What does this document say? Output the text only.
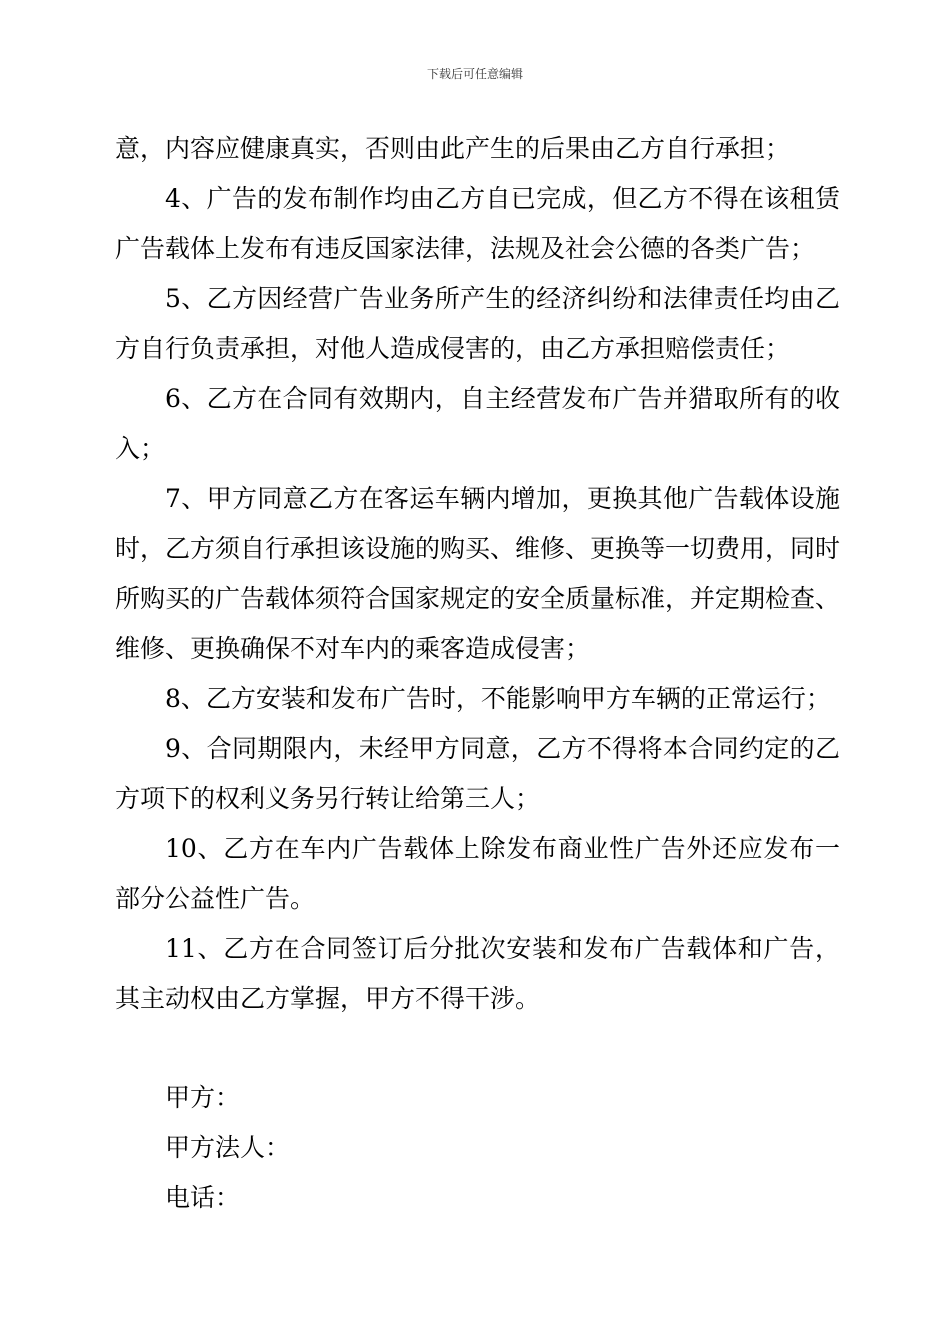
下载后可任意编辑

意，内容应健康真实，否则由此产生的后果由乙方自行承担；

4、广告的发布制作均由乙方自已完成，但乙方不得在该租赁广告载体上发布有违反国家法律，法规及社会公德的各类广告；

5、乙方因经营广告业务所产生的经济纠纷和法律责任均由乙方自行负责承担，对他人造成侵害的，由乙方承担赔偿责任；

6、乙方在合同有效期内，自主经营发布广告并猎取所有的收入；

7、甲方同意乙方在客运车辆内增加，更换其他广告载体设施时，乙方须自行承担该设施的购买、维修、更换等一切费用，同时所购买的广告载体须符合国家规定的安全质量标准，并定期检查、维修、更换确保不对车内的乘客造成侵害；

8、乙方安装和发布广告时，不能影响甲方车辆的正常运行；

9、合同期限内，未经甲方同意，乙方不得将本合同约定的乙方项下的权利义务另行转让给第三人；

10、乙方在车内广告载体上除发布商业性广告外还应发布一部分公益性广告。

11、乙方在合同签订后分批次安装和发布广告载体和广告，其主动权由乙方掌握，甲方不得干涉。

甲方：

甲方法人：

电话：
